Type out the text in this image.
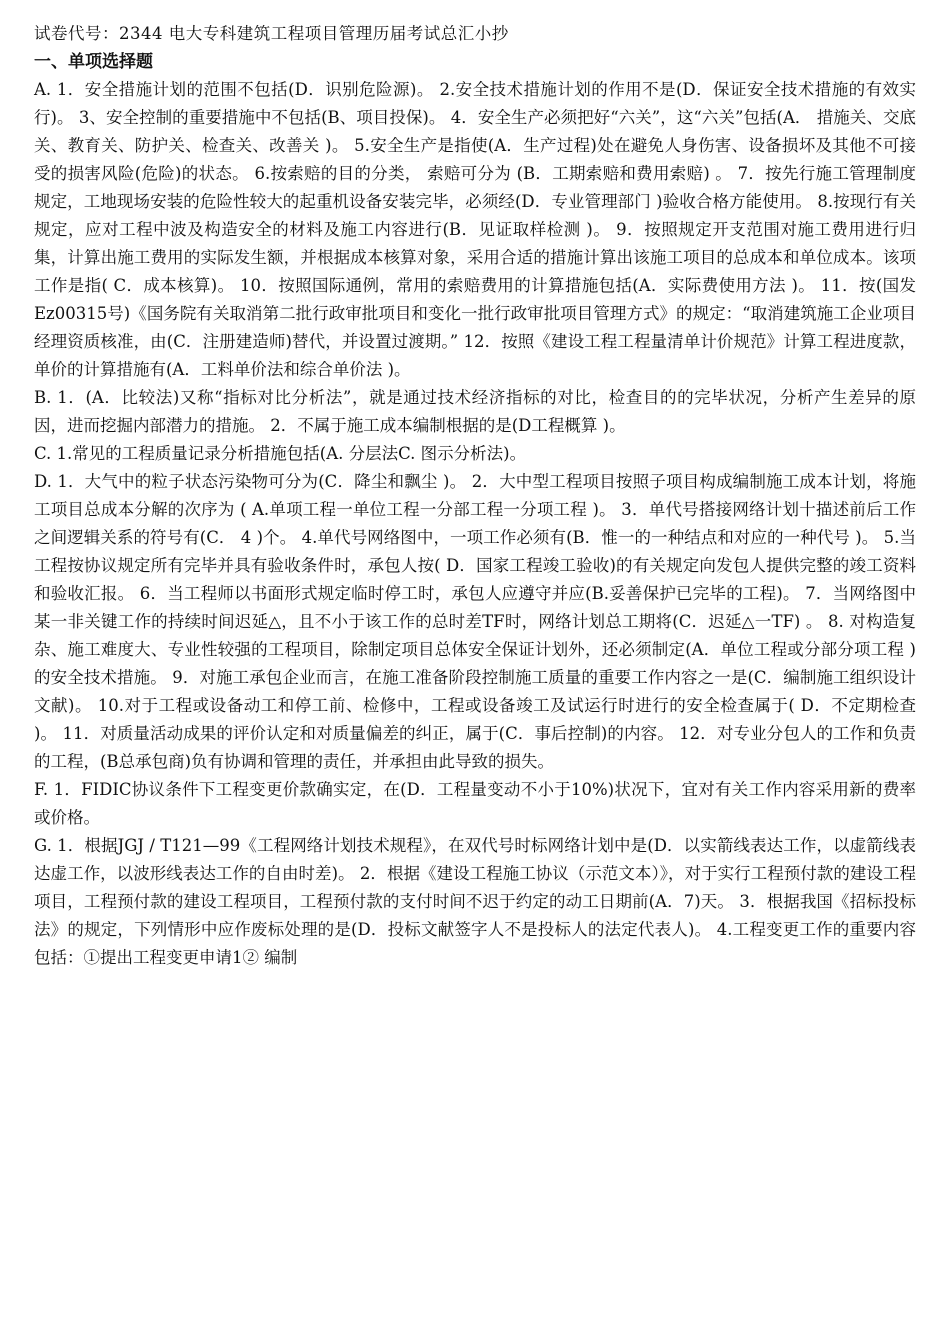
试卷代号：2344 电大专科建筑工程项目管理历届考试总汇小抄
一、单项选择题
A. 1．安全措施计划的范围不包括(D．识别危险源)。 2.安全技术措施计划的作用不是(D．保证安全技术措施的有效实行)。 3、安全控制的重要措施中不包括(B、项目投保)。 4．安全生产必须把好“六关”，这“六关”包括(A． 措施关、交底关、教育关、防护关、检查关、改善关 )。 5.安全生产是指使(A．生产过程)处在避免人身伤害、设备损坏及其他不可接受的损害风险(危险)的状态。 6.按索赔的目的分类， 索赔可分为 (B．工期索赔和费用索赔) 。 7．按先行施工管理制度规定，工地现场安装的危险性较大的起重机设备安装完毕，必须经(D．专业管理部门 )验收合格方能使用。 8.按现行有关规定，应对工程中波及构造安全的材料及施工内容进行(B．见证取样检测 )。 9．按照规定开支范围对施工费用进行归集，计算出施工费用的实际发生额，并根据成本核算对象，采用合适的措施计算出该施工项目的总成本和单位成本。该项工作是指( C．成本核算)。 10．按照国际通例，常用的索赔费用的计算措施包括(A．实际费使用方法 )。 11．按(国发Ez00315号)《国务院有关取消第二批行政审批项目和变化一批行政审批项目管理方式》的规定：“取消建筑施工企业项目经理资质核准，由(C．注册建造师)替代，并设置过渡期。” 12．按照《建设工程工程量清单计价规范》计算工程进度款，单价的计算措施有(A．工料单价法和综合单价法 )。
B. 1．(A．比较法)又称“指标对比分析法”，就是通过技术经济指标的对比，检查目的的完毕状况，分析产生差异的原因，进而挖掘内部潜力的措施。 2．不属于施工成本编制根据的是(D工程概算 )。
C. 1.常见的工程质量记录分析措施包括(A. 分层法C. 图示分析法)。
D. 1．大气中的粒子状态污染物可分为(C．降尘和飘尘 )。 2．大中型工程项目按照子项目构成编制施工成本计划，将施工项目总成本分解的次序为 ( A.单项工程一单位工程一分部工程一分项工程 )。 3．单代号搭接网络计划十描述前后工作之间逻辑关系的符号有(C． 4 )个。 4.单代号网络图中，一项工作必须有(B．惟一的一种结点和对应的一种代号 )。 5.当工程按协议规定所有完毕并具有验收条件时，承包人按( D．国家工程竣工验收)的有关规定向发包人提供完整的竣工资料和验收汇报。 6．当工程师以书面形式规定临时停工时，承包人应遵守并应(B.妥善保护已完毕的工程)。 7．当网络图中某一非关键工作的持续时间迟延△，且不小于该工作的总时差TF时，网络计划总工期将(C．迟延△一TF) 。 8. 对构造复杂、施工难度大、专业性较强的工程项目，除制定项目总体安全保证计划外，还必须制定(A．单位工程或分部分项工程 )的安全技术措施。 9．对施工承包企业而言，在施工准备阶段控制施工质量的重要工作内容之一是(C．编制施工组织设计文献)。 10.对于工程或设备动工和停工前、检修中，工程或设备竣工及试运行时进行的安全检查属于( D．不定期检查 )。 11．对质量活动成果的评价认定和对质量偏差的纠正，属于(C．事后控制)的内容。 12．对专业分包人的工作和负责的工程，(B总承包商)负有协调和管理的责任，并承担由此导致的损失。
F. 1．FIDIC协议条件下工程变更价款确实定，在(D．工程量变动不小于10%)状况下，宜对有关工作内容采用新的费率或价格。
G. 1．根据JGJ / T121—99《工程网络计划技术规程》，在双代号时标网络计划中是(D．以实箭线表达工作，以虚箭线表达虚工作，以波形线表达工作的自由时差)。 2．根据《建设工程施工协议（示范文本）》，对于实行工程预付款的建设工程项目，工程预付款的建设工程项目，工程预付款的支付时间不迟于约定的动工日期前(A．7)天。 3．根据我国《招标投标法》的规定，下列情形中应作废标处理的是(D．投标文献签字人不是投标人的法定代表人)。 4.工程变更工作的重要内容包括：①提出工程变更申请1② 编制
